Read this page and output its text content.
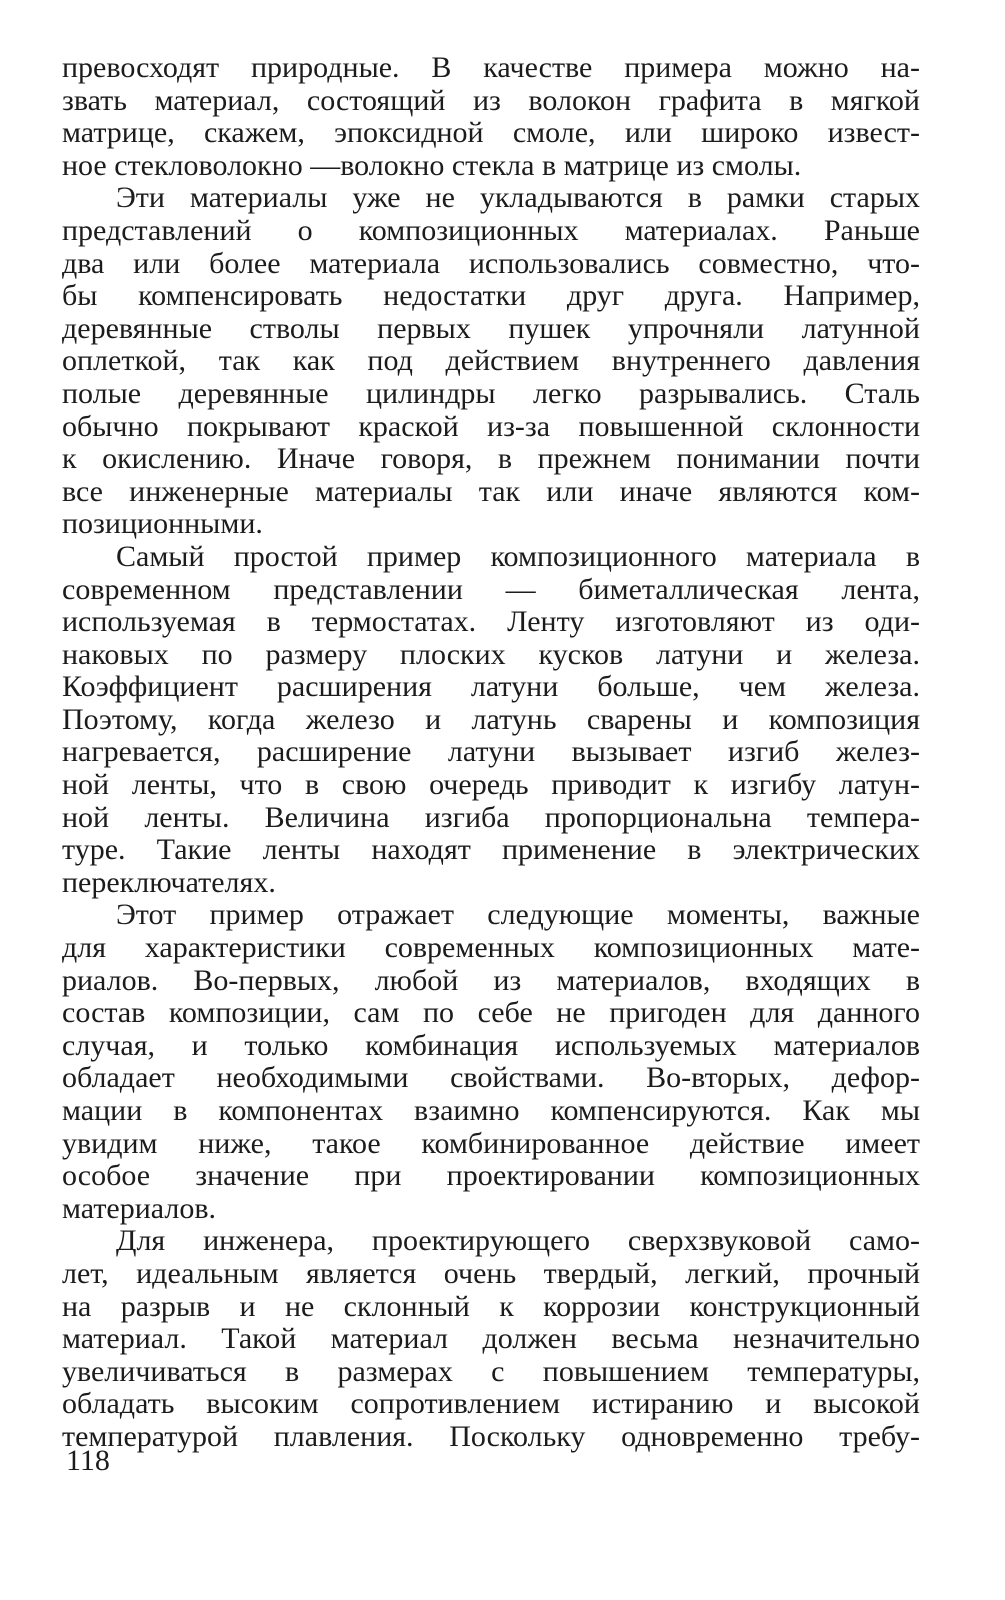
превосходят природные. В качестве примера можно на-
звать материал, состоящий из волокон графита в мягкой
матрице, скажем, эпоксидной смоле, или широко извест-
ное стекловолокно —волокно стекла в матрице из смолы.
Эти материалы уже не укладываются в рамки старых
представлений о композиционных материалах. Раньше
два или более материала использовались совместно, что-
бы компенсировать недостатки друг друга. Например,
деревянные стволы первых пушек упрочняли латунной
оплеткой, так как под действием внутреннего давления
полые деревянные цилиндры легко разрывались. Сталь
обычно покрывают краской из-за повышенной склонности
к окислению. Иначе говоря, в прежнем понимании почти
все инженерные материалы так или иначе являются ком-
позиционными.
Самый простой пример композиционного материала в
современном представлении — биметаллическая лента,
используемая в термостатах. Ленту изготовляют из оди-
наковых по размеру плоских кусков латуни и железа.
Коэффициент расширения латуни больше, чем железа.
Поэтому, когда железо и латунь сварены и композиция
нагревается, расширение латуни вызывает изгиб желез-
ной ленты, что в свою очередь приводит к изгибу латун-
ной ленты. Величина изгиба пропорциональна темпера-
туре. Такие ленты находят применение в электрических
переключателях.
Этот пример отражает следующие моменты, важные
для характеристики современных композиционных мате-
риалов. Во-первых, любой из материалов, входящих в
состав композиции, сам по себе не пригоден для данного
случая, и только комбинация используемых материалов
обладает необходимыми свойствами. Во-вторых, дефор-
мации в компонентах взаимно компенсируются. Как мы
увидим ниже, такое комбинированное действие имеет
особое значение при проектировании композиционных
материалов.
Для инженера, проектирующего сверхзвуковой само-
лет, идеальным является очень твердый, легкий, прочный
на разрыв и не склонный к коррозии конструкционный
материал. Такой материал должен весьма незначительно
увеличиваться в размерах с повышением температуры,
обладать высоким сопротивлением истиранию и высокой
температурой плавления. Поскольку одновременно требу-
118
